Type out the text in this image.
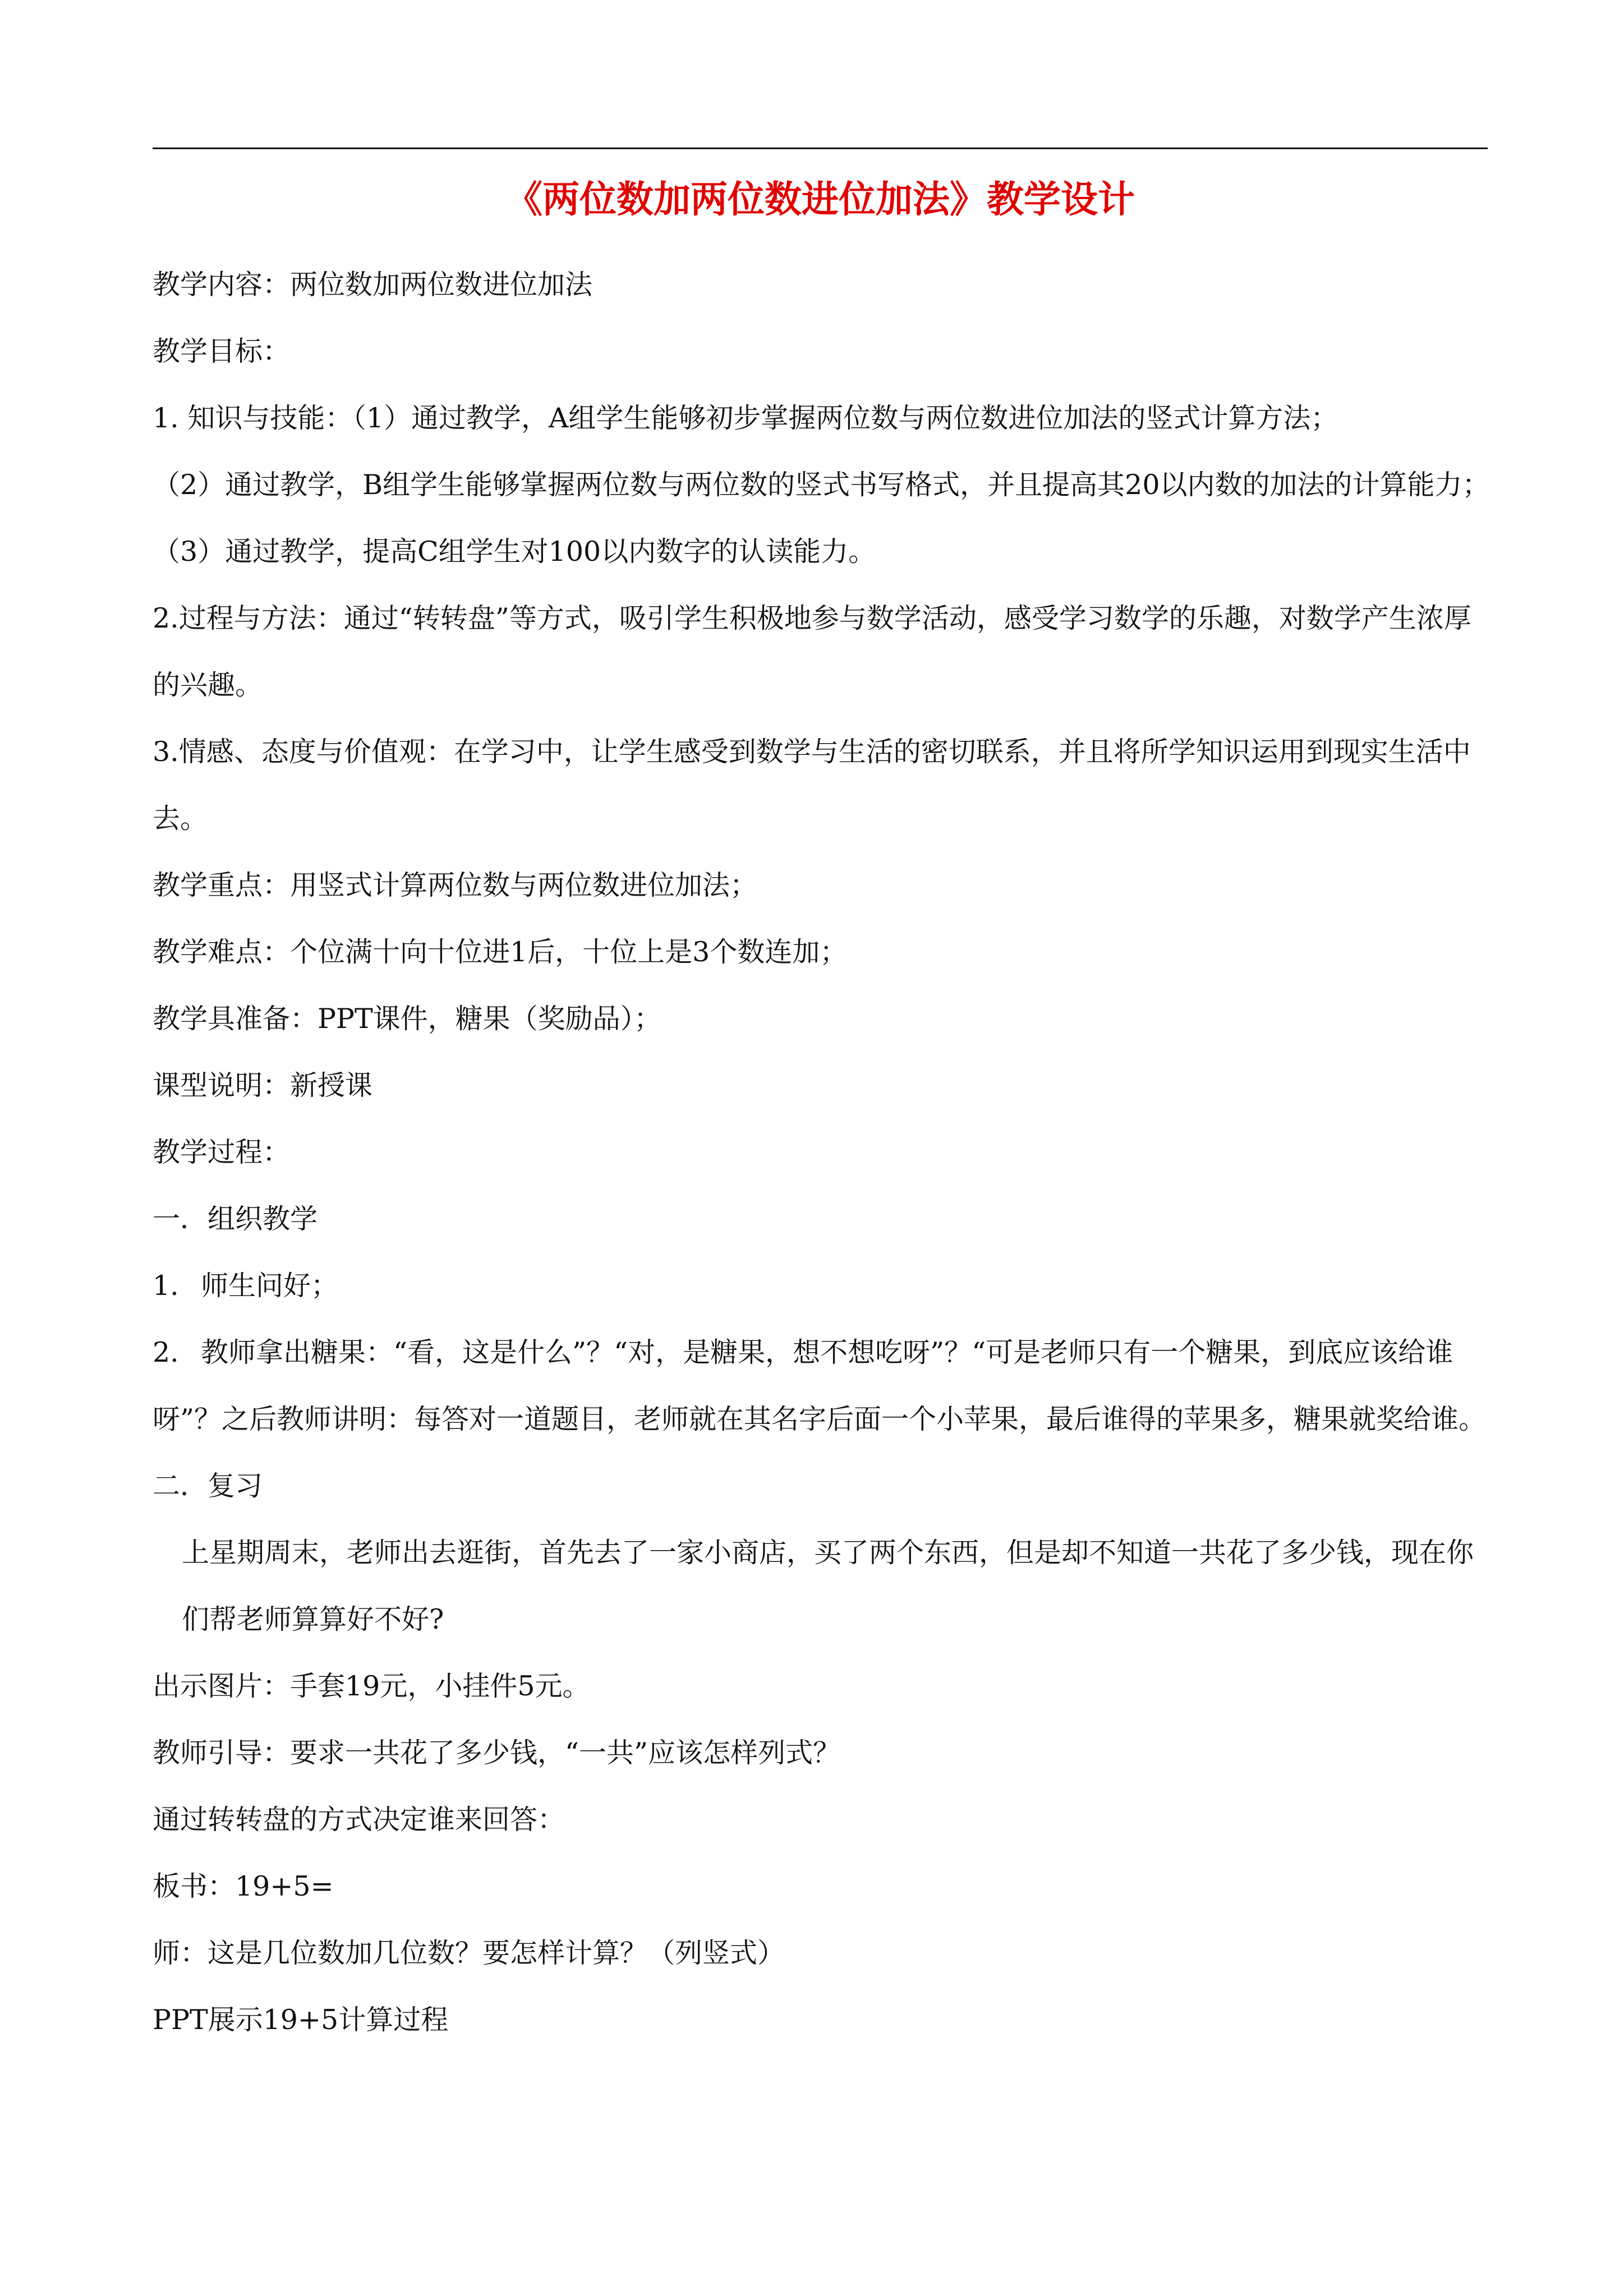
《两位数加两位数进位加法》教学设计

教学内容：两位数加两位数进位加法

教学目标：

1. 知识与技能：（1）通过教学，A组学生能够初步掌握两位数与两位数进位加法的竖式计算方法；

（2）通过教学，B组学生能够掌握两位数与两位数的竖式书写格式，并且提高其20以内数的加法的计算能力；

（3）通过教学，提高C组学生对100以内数字的认读能力。

2.过程与方法：通过“转转盘”等方式，吸引学生积极地参与数学活动，感受学习数学的乐趣，对数学产生浓厚的兴趣。

3.情感、态度与价值观：在学习中，让学生感受到数学与生活的密切联系，并且将所学知识运用到现实生活中去。

教学重点：用竖式计算两位数与两位数进位加法；

教学难点：个位满十向十位进1后，十位上是3个数连加；

教学具准备：PPT课件，糖果（奖励品）；

课型说明：新授课

教学过程：

一．组织教学

1. 师生问好；

2. 教师拿出糖果：“看，这是什么”？“对，是糖果，想不想吃呀”？“可是老师只有一个糖果，到底应该给谁呀”？之后教师讲明：每答对一道题目，老师就在其名字后面一个小苹果，最后谁得的苹果多，糖果就奖给谁。

二．复习

上星期周末，老师出去逛街，首先去了一家小商店，买了两个东西，但是却不知道一共花了多少钱，现在你们帮老师算算好不好?

出示图片：手套19元，小挂件5元。

教师引导：要求一共花了多少钱，“一共”应该怎样列式？

通过转转盘的方式决定谁来回答：

板书：19+5=

师：这是几位数加几位数？要怎样计算？（列竖式）

PPT展示19+5计算过程
